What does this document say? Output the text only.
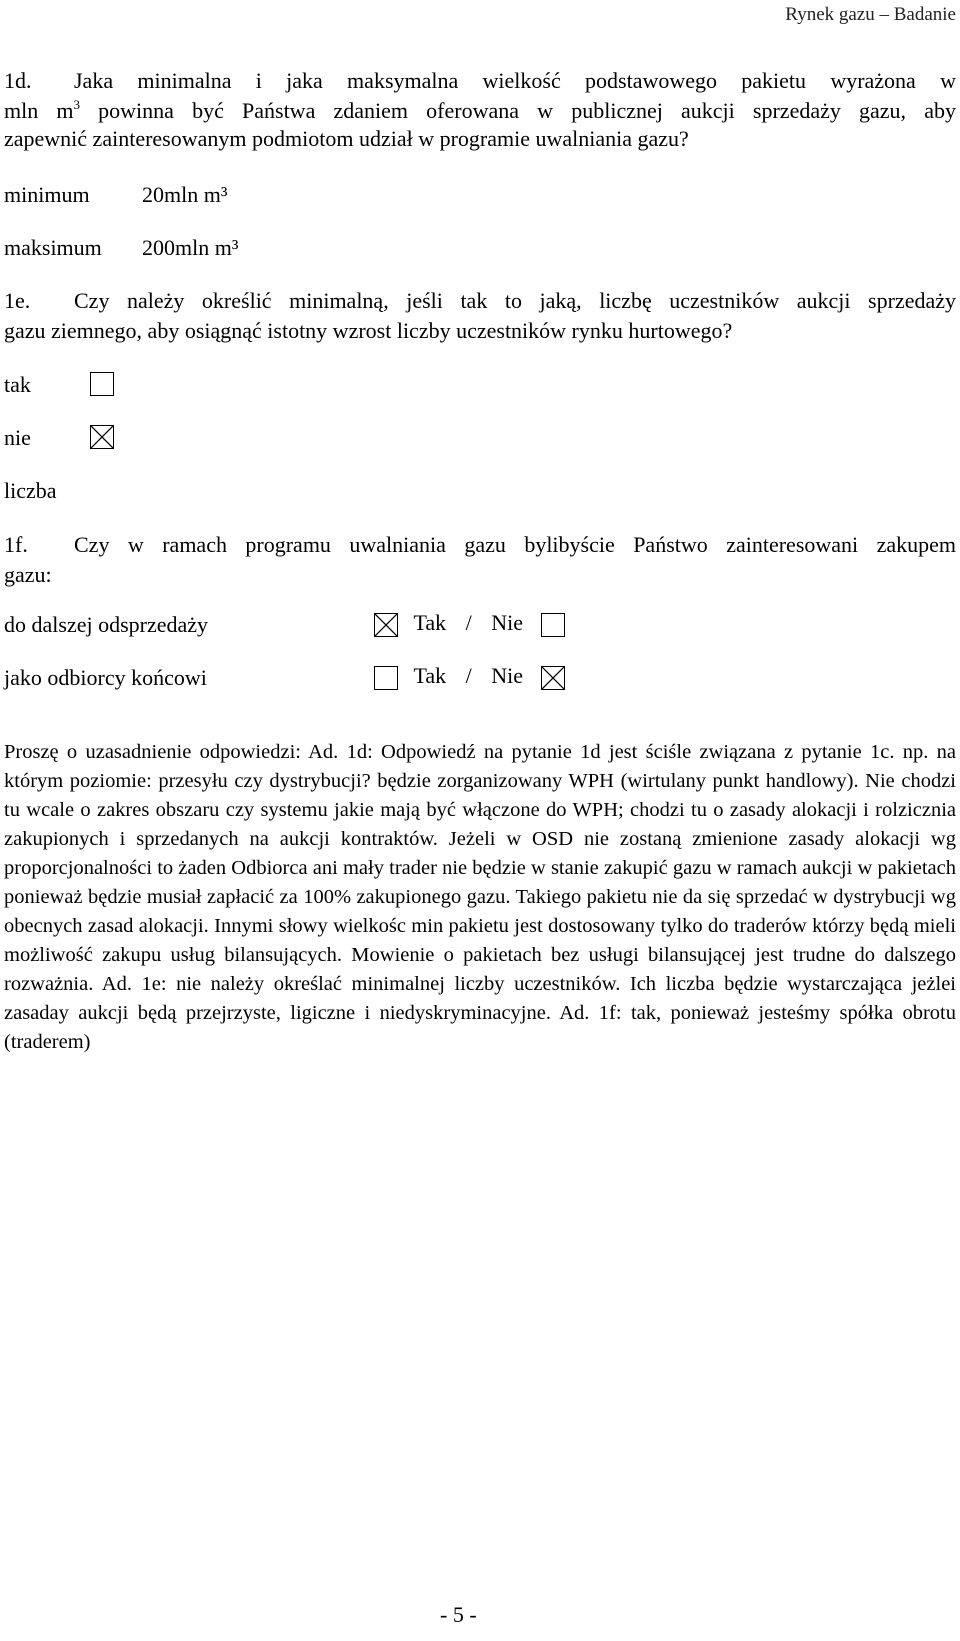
Rynek gazu – Badanie
1d. Jaka minimalna i jaka maksymalna wielkość podstawowego pakietu wyrażona w
mln $m^3$ powinna być Państwa zdaniem oferowana w publicznej aukcji sprzedaży gazu, aby
zapewnić zainteresowanym podmiotom udział w programie uwalniania gazu?
minimum 20mln m³
maksimum 200mln m³
1e. Czy należy określić minimalną, jeśli tak to jaką, liczbę uczestników aukcji sprzedaży
gazu ziemnego, aby osiągnąć istotny wzrost liczby uczestników rynku hurtowego?
tak
nie
liczba
1f. Czy w ramach programu uwalniania gazu bylibyście Państwo zainteresowani zakupem
gazu:
do dalszej odsprzedaży	Tak / Nie
jako odbiorcy końcowi	Tak / Nie
Proszę o uzasadnienie odpowiedzi: Ad. 1d: Odpowiedź na pytanie 1d jest ściśle związana z pytanie 1c. np. na którym poziomie: przesyłu czy dystrybucji? będzie zorganizowany WPH (wirtulany punkt handlowy). Nie chodzi tu wcale o zakres obszaru czy systemu jakie mają być włączone do WPH; chodzi tu o zasady alokacji i rolzicznia zakupionych i sprzedanych na aukcji kontraktów. Jeżeli w OSD nie zostaną zmienione zasady alokacji wg proporcjonalności to żaden Odbiorca ani mały trader nie będzie w stanie zakupić gazu w ramach aukcji w pakietach ponieważ będzie musiał zapłacić za 100% zakupionego gazu. Takiego pakietu nie da się sprzedać w dystrybucji wg obecnych zasad alokacji. Innymi słowy wielkośc min pakietu jest dostosowany tylko do traderów którzy będą mieli możliwość zakupu usług bilansujących. Mowienie o pakietach bez usługi bilansującej jest trudne do dalszego rozważnia. Ad. 1e: nie należy określać minimalnej liczby uczestników. Ich liczba będzie wystarczająca jeżlei zasaday aukcji będą przejrzyste, ligiczne i niedyskryminacyjne. Ad. 1f: tak, ponieważ jesteśmy spółka obrotu (traderem)
- 5 -
